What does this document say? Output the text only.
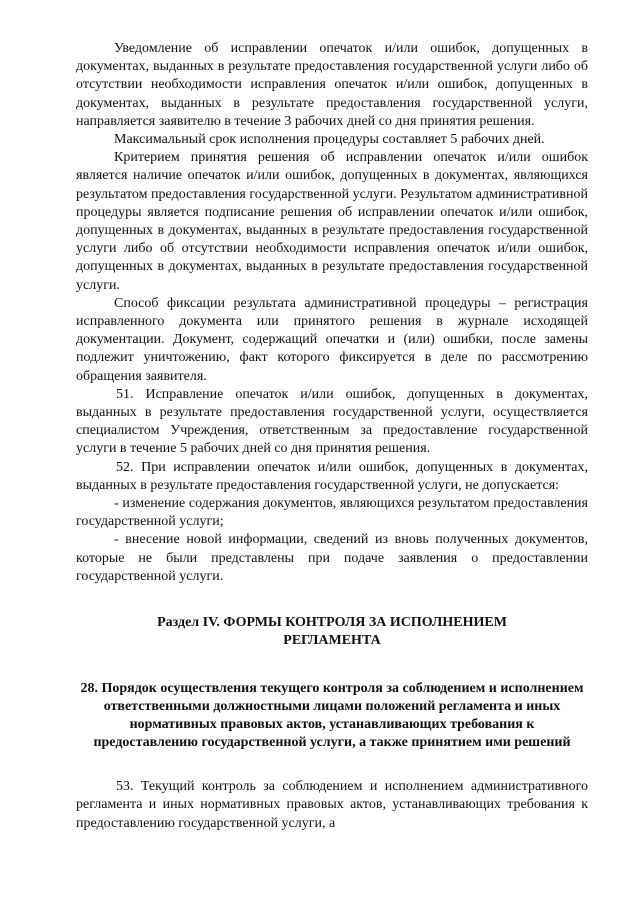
Уведомление об исправлении опечаток и/или ошибок, допущенных в документах, выданных в результате предоставления государственной услуги либо об отсутствии необходимости исправления опечаток и/или ошибок, допущенных в документах, выданных в результате предоставления государственной услуги, направляется заявителю в течение 3 рабочих дней со дня принятия решения.

Максимальный срок исполнения процедуры составляет 5 рабочих дней.

Критерием принятия решения об исправлении опечаток и/или ошибок является наличие опечаток и/или ошибок, допущенных в документах, являющихся результатом предоставления государственной услуги. Результатом административной процедуры является подписание решения об исправлении опечаток и/или ошибок, допущенных в документах, выданных в результате предоставления государственной услуги либо об отсутствии необходимости исправления опечаток и/или ошибок, допущенных в документах, выданных в результате предоставления государственной услуги.

Способ фиксации результата административной процедуры – регистрация исправленного документа или принятого решения в журнале исходящей документации. Документ, содержащий опечатки и (или) ошибки, после замены подлежит уничтожению, факт которого фиксируется в деле по рассмотрению обращения заявителя.

51. Исправление опечаток и/или ошибок, допущенных в документах, выданных в результате предоставления государственной услуги, осуществляется специалистом Учреждения, ответственным за предоставление государственной услуги в течение 5 рабочих дней со дня принятия решения.

52. При исправлении опечаток и/или ошибок, допущенных в документах, выданных в результате предоставления государственной услуги, не допускается:

- изменение содержания документов, являющихся результатом предоставления государственной услуги;

- внесение новой информации, сведений из вновь полученных документов, которые не были представлены при подаче заявления о предоставлении государственной услуги.

Раздел IV. ФОРМЫ КОНТРОЛЯ ЗА ИСПОЛНЕНИЕМ РЕГЛАМЕНТА
28. Порядок осуществления текущего контроля за соблюдением и исполнением ответственными должностными лицами положений регламента и иных нормативных правовых актов, устанавливающих требования к предоставлению государственной услуги, а также принятием ими решений

53. Текущий контроль за соблюдением и исполнением административного регламента и иных нормативных правовых актов, устанавливающих требования к предоставлению государственной услуги, а
